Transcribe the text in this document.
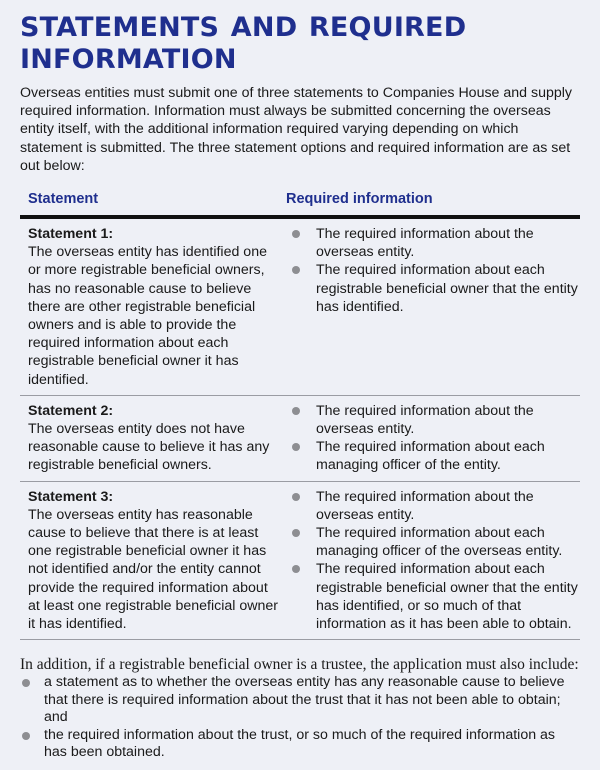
STATEMENTS AND REQUIRED INFORMATION

Overseas entities must submit one of three statements to Companies House and supply required information. Information must always be submitted concerning the overseas entity itself, with the additional information required varying depending on which statement is submitted. The three statement options and required information are as set out below:

Statement	Required information
Statement 1:
The overseas entity has identified one or more registrable beneficial owners, has no reasonable cause to believe there are other registrable beneficial owners and is able to provide the required information about each registrable beneficial owner it has identified.
The required information about the overseas entity.
The required information about each registrable beneficial owner that the entity has identified.
Statement 2:
The overseas entity does not have reasonable cause to believe it has any registrable beneficial owners.
The required information about the overseas entity.
The required information about each managing officer of the entity.
Statement 3:
The overseas entity has reasonable cause to believe that there is at least one registrable beneficial owner it has not identified and/or the entity cannot provide the required information about at least one registrable beneficial owner it has identified.
The required information about the overseas entity.
The required information about each managing officer of the overseas entity.
The required information about each registrable beneficial owner that the entity has identified, or so much of that information as it has been able to obtain.
In addition, if a registrable beneficial owner is a trustee, the application must also include:
a statement as to whether the overseas entity has any reasonable cause to believe that there is required information about the trust that it has not been able to obtain; and
the required information about the trust, or so much of the required information as has been obtained.
